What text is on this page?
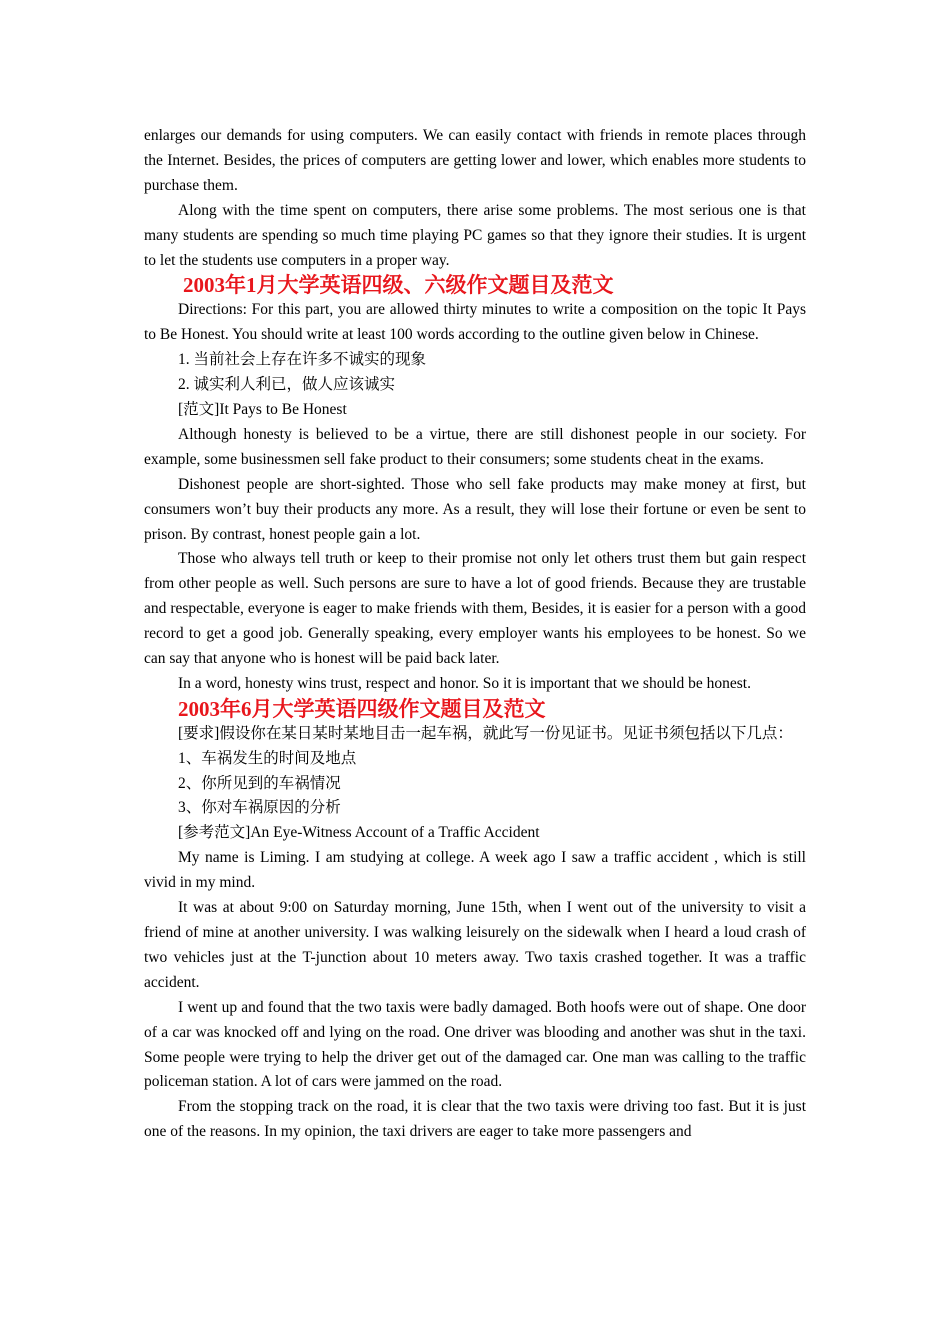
enlarges our demands for using computers. We can easily contact with friends in remote places through the Internet. Besides, the prices of computers are getting lower and lower, which enables more students to purchase them.

Along with the time spent on computers, there arise some problems. The most serious one is that many students are spending so much time playing PC games so that they ignore their studies. It is urgent to let the students use computers in a proper way.

2003年1月大学英语四级、六级作文题目及范文

Directions: For this part, you are allowed thirty minutes to write a composition on the topic It Pays to Be Honest. You should write at least 100 words according to the outline given below in Chinese.

1. 当前社会上存在许多不诚实的现象

2. 诚实利人利已，做人应该诚实

[范文]It Pays to Be Honest

Although honesty is believed to be a virtue, there are still dishonest people in our society. For example, some businessmen sell fake product to their consumers; some students cheat in the exams.

Dishonest people are short-sighted. Those who sell fake products may make money at first, but consumers won’t buy their products any more. As a result, they will lose their fortune or even be sent to prison. By contrast, honest people gain a lot.

Those who always tell truth or keep to their promise not only let others trust them but gain respect from other people as well. Such persons are sure to have a lot of good friends. Because they are trustable and respectable, everyone is eager to make friends with them, Besides, it is easier for a person with a good record to get a good job. Generally speaking, every employer wants his employees to be honest. So we can say that anyone who is honest will be paid back later.

In a word, honesty wins trust, respect and honor. So it is important that we should be honest.

2003年6月大学英语四级作文题目及范文

[要求]假设你在某日某时某地目击一起车祸，就此写一份见证书。见证书须包括以下几点：

1、车祸发生的时间及地点

2、你所见到的车祸情况

3、你对车祸原因的分析

[参考范文]An Eye-Witness Account of a Traffic Accident

My name is Liming. I am studying at college. A week ago I saw a traffic accident , which is still vivid in my mind.

It was at about 9:00 on Saturday morning, June 15th, when I went out of the university to visit a friend of mine at another university. I was walking leisurely on the sidewalk when I heard a loud crash of two vehicles just at the T-junction about 10 meters away. Two taxis crashed together. It was a traffic accident.

I went up and found that the two taxis were badly damaged. Both hoofs were out of shape. One door of a car was knocked off and lying on the road. One driver was blooding and another was shut in the taxi. Some people were trying to help the driver get out of the damaged car. One man was calling to the traffic policeman station. A lot of cars were jammed on the road.

From the stopping track on the road, it is clear that the two taxis were driving too fast. But it is just one of the reasons. In my opinion, the taxi drivers are eager to take more passengers and
